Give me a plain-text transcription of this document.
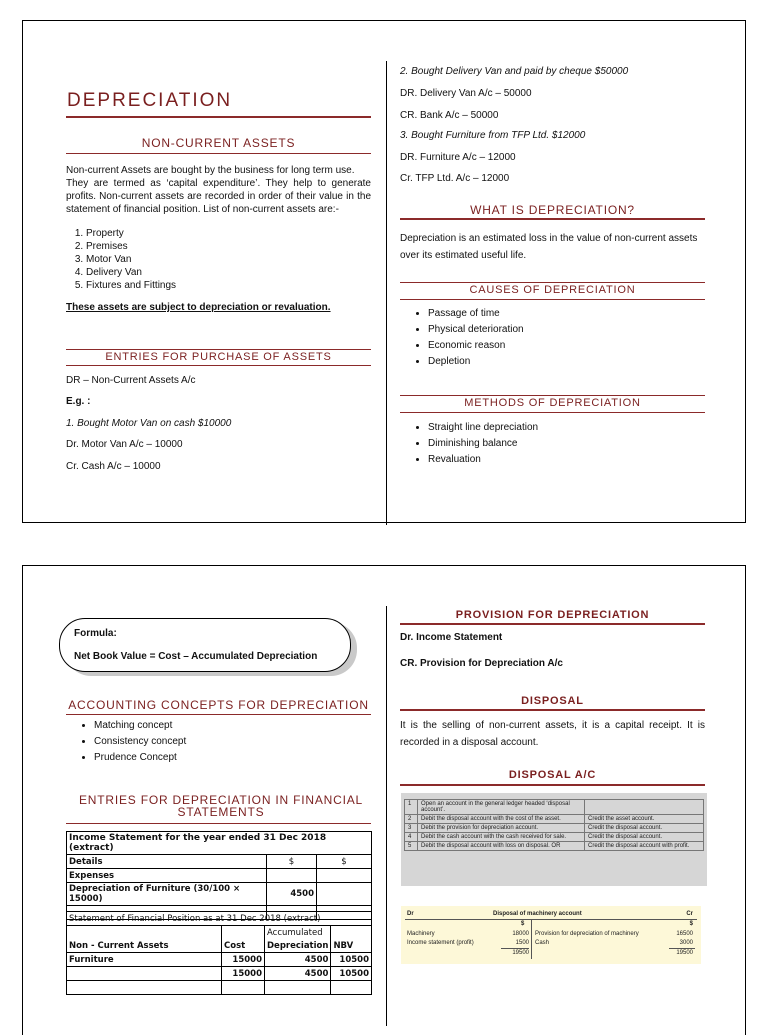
DEPRECIATION
NON-CURRENT ASSETS
Non-current Assets are bought by the business for long term use.
They are termed as ‘capital expenditure’. They help to generate profits. Non-current assets are recorded in order of their value in the statement of financial position. List of non-current assets are:-
1. Property
2. Premises
3. Motor Van
4. Delivery Van
5. Fixtures and Fittings
These assets are subject to depreciation or revaluation.
ENTRIES FOR PURCHASE OF ASSETS
DR – Non-Current Assets A/c
E.g. :
1. Bought Motor Van on cash $10000
Dr. Motor Van A/c – 10000
Cr. Cash A/c – 10000
2. Bought Delivery Van and paid by cheque $50000
DR. Delivery Van A/c – 50000
CR. Bank A/c – 50000
3. Bought Furniture from TFP Ltd. $12000
DR. Furniture A/c – 12000
Cr. TFP Ltd. A/c – 12000
WHAT IS DEPRECIATION?
Depreciation is an estimated loss in the value of non-current assets over its estimated useful life.
CAUSES OF DEPRECIATION
• Passage of time
• Physical deterioration
• Economic reason
• Depletion
METHODS OF DEPRECIATION
• Straight line depreciation
• Diminishing balance
• Revaluation
Formula:
Net Book Value = Cost – Accumulated Depreciation
ACCOUNTING CONCEPTS FOR DEPRECIATION
• Matching concept
• Consistency concept
• Prudence Concept
ENTRIES FOR DEPRECIATION IN FINANCIAL STATEMENTS
Income Statement for the year ended 31 Dec 2018 (extract)		
Details	$	$
Expenses		
Depreciation of Furniture (30/100 × 15000)	4500	

Statement of Financial Position as at 31 Dec 2018 (extract)			
		Accumulated	
Non - Current Assets	Cost	Depreciation	NBV
Furniture	15000	4500	10500
	15000	4500	10500

PROVISION FOR DEPRECIATION
Dr. Income Statement
CR. Provision for Depreciation A/c
DISPOSAL
It is the selling of non-current assets, it is a capital receipt. It is recorded in a disposal account.
DISPOSAL A/C
1	Open an account in the general ledger headed ‘disposal account’.	
2	Debit the disposal account with the cost of the asset.	Credit the asset account.
3	Debit the provision for depreciation account.	Credit the disposal account.
4	Debit the cash account with the cash received for sale.	Credit the disposal account.
5	Debit the disposal account with loss on disposal. OR	Credit the disposal account with profit.
Dr	Disposal of machinery account	Cr
$	$
Machinery	18000 Provision for depreciation of machinery	16500
Income statement (profit)	1500 Cash	3000
19500	19500
